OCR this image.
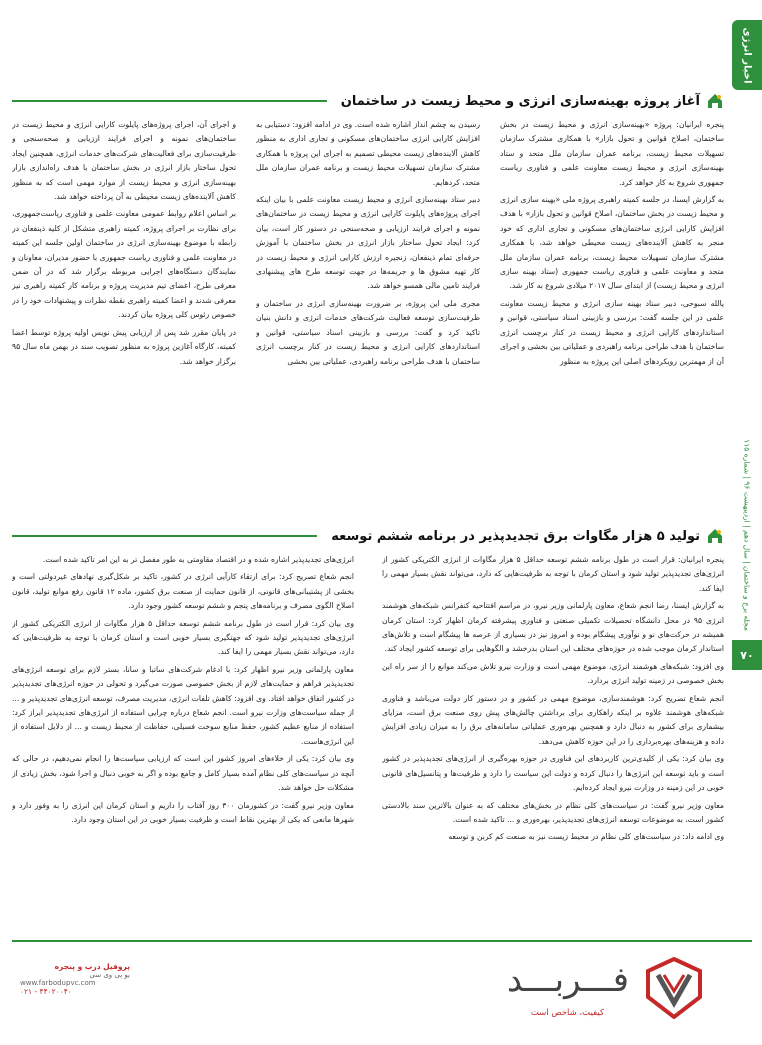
اخبار انرژی
مجله برج و ساختمان | سال دهم | اردیبهشت ۹۶ | شماره ۱۱۵
۷۰
آغاز پروژه بهینه‌سازی انرژی و محیط زیست در ساختمان

پنجره ایرانیان: پروژه «بهینه‌سازی انرژی و محیط زیست در بخش ساختمان، اصلاح قوانین و تحول بازار» با همکاری مشترک سازمان تسهیلات محیط زیست، برنامه عمران سازمان ملل متحد و ستاد بهینه‌سازی انرژی و محیط زیست معاونت علمی و فناوری ریاست جمهوری شروع به کار خواهد کرد.

به گزارش ایسنا، در جلسه کمیته راهبری پروژه ملی «بهینه سازی انرژی و محیط زیست در بخش ساختمان، اصلاح قوانین و تحول بازار» با هدف افزایش کارایی انرژی ساختمان‌های مسکونی و تجاری اداری که خود منجر به کاهش آلاینده‌های زیست محیطی خواهد شد، با همکاری مشترک سازمان تسهیلات محیط زیست، برنامه عمران سازمان ملل متحد و معاونت علمی و فناوری ریاست جمهوری (ستاد بهینه سازی انرژی و محیط زیست) از ابتدای سال ۲۰۱۷ میلادی شروع به کار شد.

یالله سبوحی، دبیر ستاد بهینه سازی انرژی و محیط زیست معاونت علمی در این جلسه گفت: بررسی و بازبینی اسناد سیاستی، قوانین و استانداردهای کارایی انرژی و محیط زیست در کنار برچسب انرژی ساختمان با هدف طراحی برنامه راهبردی و عملیاتی بین بخشی و اجرای آن از مهمترین رویکردهای اصلی این پروژه به منظور

رسیدن به چشم انداز اشاره شده است. وی در ادامه افزود: دستیابی به افزایش کارایی انرژی ساختمان‌های مسکونی و تجاری اداری به منظور کاهش آلاینده‌های زیست محیطی تصمیم به اجرای این پروژه با همکاری مشترک سازمان تسهیلات محیط زیست و برنامه عمران سازمان ملل متحد، کردهایم.

دبیر ستاد بهینه‌سازی انرژی و محیط زیست معاونت علمی با بیان اینکه اجرای پروژه‌های پایلوت کارایی انرژی و محیط زیست در ساختمان‌های نمونه و اجرای فرایند ارزیابی و صحه‌سنجی در دستور کار است، بیان کرد: ایجاد تحول ساختار بازار انرژی در بخش ساختمان با آموزش حرفه‌ای تمام ذینفعان، زنجیره ارزش کارایی انرژی و محیط زیست در کار تهیه مشوق ها و جریمه‌ها در جهت توسعه طرح های پیشنهادی فرایند تامین مالی همسو خواهد شد.

مجری ملی این پروژه، بر ضرورت بهینه‌سازی انرژی در ساختمان و ظرفیت‌سازی توسعه فعالیت شرکت‌های خدمات انرژی و دانش بنیان تاکید کرد و گفت: بررسی و بازبینی اسناد سیاستی، قوانین و استانداردهای کارایی انرژی و محیط زیست در کنار برچسب انرژی ساختمان با هدف طراحی برنامه راهبردی، عملیاتی بین بخشی

و اجرای آن، اجرای پروژه‌های پایلوت کارایی انرژی و محیط زیست در ساختمان‌های نمونه و اجرای فرایند ارزیابی و صحه‌سنجی و ظرفیت‌سازی برای فعالیت‌های شرکت‌های خدمات انرژی، همچنین ایجاد تحول ساختار بازار انرژی در بخش ساختمان با هدف راه‌اندازی بازار بهینه‌سازی انرژی و محیط زیست از موارد مهمی است که به منظور کاهش آلاینده‌های زیست محیطی به آن پرداخته خواهد شد.

بر اساس اعلام روابط عمومی معاونت علمی و فناوری ریاست‌جمهوری، برای نظارت بر اجرای پروژه، کمیته راهبری متشکل از کلیه ذینفعان در رابطه با موضوع بهینه‌سازی انرژی در ساختمان اولین جلسه این کمیته در معاونت علمی و فناوری ریاست جمهوری با حضور مدیران، معاونان و نمایندگان دستگاه‌های اجرایی مربوطه برگزار شد که در آن ضمن معرفی طرح، اعضای تیم مدیریت پروژه و برنامه کار کمیته راهبری نیز معرفی شدند و اعضا کمیته راهبری نقطه نظرات و پیشنهادات خود را در خصوص رئوس کلی پروژه بیان کردند.

در پایان مقرر شد پس از ارزیابی پیش نویس اولیه پروژه توسط اعضا کمیته، کارگاه آغازین پروژه به منظور تصویب سند در بهمن ماه سال ۹۵ برگزار خواهد شد.

تولید ۵ هزار مگاوات برق تجدیدپذیر در برنامه ششم توسعه

پنجره ایرانیان: قرار است در طول برنامه ششم توسعه حداقل ۵ هزار مگاوات از انرژی الکتریکی کشور از انرژی‌های تجدیدپذیر تولید شود و استان کرمان با توجه به ظرفیت‌هایی که دارد، می‌تواند نقش بسیار مهمی را ایفا کند.

به گزارش ایسنا، رضا انجم شعاع، معاون پارلمانی وزیر نیرو، در مراسم افتتاحیه کنفرانس شبکه‌های هوشمند انرژی ۹۵ در محل دانشگاه تحصیلات تکمیلی صنعتی و فناوری پیشرفته کرمان اظهار کرد: استان کرمان همیشه در حرکت‌های نو و نوآوری پیشگام بوده و امروز نیز در بسیاری از عرصه ها پیشگام است و تلاش‌های استاندار کرمان موجب شده در حوزه‌های مختلف این استان بدرخشد و الگوهایی برای توسعه کشور ایجاد کند.

وی افزود: شبکه‌های هوشمند انرژی، موضوع مهمی است و وزارت نیرو تلاش می‌کند موانع را از سر راه این بخش خصوصی در زمینه تولید انرژی بردارد.

انجم شعاع تصریح کرد: هوشمندسازی، موضوع مهمی در کشور و در دستور کار دولت می‌باشد و فناوری شبکه‌های هوشمند علاوه بر اینکه راهکاری برای برداشتن چالش‌های پیش روی صنعت برق است، مزایای بیشماری برای کشور به دنبال دارد و همچنین بهره‌وری عملیاتی سامانه‌های برق را به میزان زیادی افزایش داده و هزینه‌های بهره‌برداری را در این حوزه کاهش می‌دهد.

وی بیان کرد: یکی از کلیدی‌ترین کاربردهای این فناوری در حوزه بهره‌گیری از انرژی‌های تجدیدپذیر در کشور است و باید توسعه این انرژی‌ها را دنبال کرده و دولت این سیاست را دارد و ظرفیت‌ها و پتانسیل‌های قانونی خوبی در این زمینه در وزارت نیرو ایجاد کرده‌ایم.

معاون وزیر نیرو گفت: در سیاست‌های کلی نظام در بخش‌های مختلف که به عنوان بالاترین سند بالادستی کشور است، به موضوعات توسعه انرژی‌های تجدیدپذیر، بهره‌وری و ... تاکید شده است.

وی ادامه داد: در سیاست‌های کلی نظام در محیط زیست نیز به صنعت کم کربن و توسعه

انرژی‌های تجدیدپذیر اشاره شده و در اقتصاد مقاومتی به طور مفصل تر به این امر تاکید شده است.

انجم شعاع تصریح کرد: برای ارتقاء کارآیی انرژی در کشور، تاکید بر شکل‌گیری نهادهای غیردولتی است و بخشی از پشتیبانی‌های قانونی، از قانون حمایت از صنعت برق کشور، ماده ۱۲ قانون رفع موانع تولید، قانون اصلاح الگوی مصرف و برنامه‌های پنجم و ششم توسعه کشور وجود دارد.

وی بیان کرد: قرار است در طول برنامه ششم توسعه حداقل ۵ هزار مگاوات از انرژی الکتریکی کشور از انرژی‌های تجدیدپذیر تولید شود که جهتگیری بسیار خوبی است و استان کرمان با توجه به ظرفیت‌هایی که دارد، می‌تواند نقش بسیار مهمی را ایفا کند.

معاون پارلمانی وزیر نیرو اظهار کرد: با ادغام شرکت‌های ساتبا و سانا، بستر لازم برای توسعه انرژی‌های تجدیدپذیر فراهم و حمایت‌های لازم از بخش خصوصی صورت می‌گیرد و تحولی در حوزه انرژی‌های تجدیدپذیر در کشور اتفاق خواهد افتاد. وی افزود: کاهش تلفات انرژی، مدیریت مصرف، توسعه انرژی‌های تجدیدپذیر و ... از جمله سیاست‌های وزارت نیرو است. انجم شعاع درباره چرایی استفاده از انرژی‌های تجدیدپذیر ابراز کرد: استفاده از منابع عظیم کشور، حفظ منابع سوخت فسیلی، حفاظت از محیط زیست و ... از دلایل استفاده از این انرژی‌هاست.

وی بیان کرد: یکی از خلاءهای امروز کشور این است که ارزیابی سیاست‌ها را انجام نمی‌دهیم، در حالی که آنچه در سیاست‌های کلی نظام آمده بسیار کامل و جامع بوده و اگر به خوبی دنبال و اجرا شود، بخش زیادی از مشکلات حل خواهد شد.

معاون وزیر نیرو گفت: در کشورمان ۳۰۰ روز آفتاب را داریم و استان کرمان این انرژی را به وفور دارد و شهرها مانعی که یکی از بهترین نقاط است و ظرفیت بسیار خوبی در این استان وجود دارد.

فـــربـــد
کیفیت، شاخص است
پروفیل درب و پنجره
یو پی وی سی
www.farbodupvc.com
۰۲۱ - ۴۴۰۲۰۰۴۰
